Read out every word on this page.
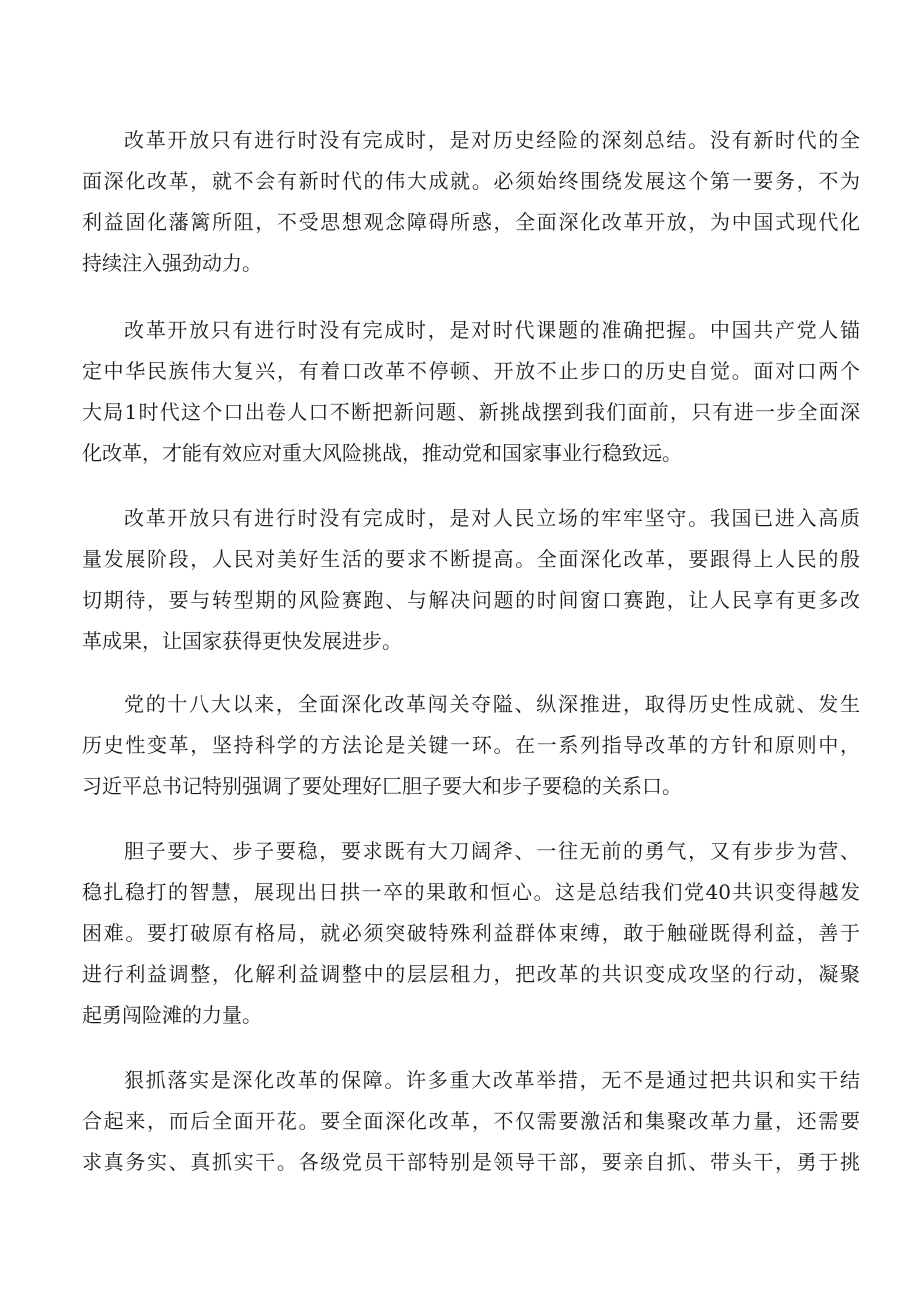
改革开放只有进行时没有完成时，是对历史经险的深刻总结。没有新时代的全
面深化改革，就不会有新时代的伟大成就。必须始终围绕发展这个第一要务，不为
利益固化藩篱所阻，不受思想观念障碍所惑，全面深化改革开放，为中国式现代化
持续注入强劲动力。
改革开放只有进行时没有完成时，是对时代课题的准确把握。中国共产党人锚
定中华民族伟大复兴，有着口改革不停顿、开放不止步口的历史自觉。面对口两个
大局1时代这个口出卷人口不断把新问题、新挑战摆到我们面前，只有进一步全面深
化改革，才能有效应对重大风险挑战，推动党和国家事业行稳致远。
改革开放只有进行时没有完成时，是对人民立场的牢牢坚守。我国已进入高质
量发展阶段，人民对美好生活的要求不断提高。全面深化改革，要跟得上人民的殷
切期待，要与转型期的风险赛跑、与解决问题的时间窗口赛跑，让人民享有更多改
革成果，让国家获得更快发展进步。
党的十八大以来，全面深化改革闯关夺隘、纵深推进，取得历史性成就、发生
历史性变革，坚持科学的方法论是关键一环。在一系列指导改革的方针和原则中，
习近平总书记特别强调了要处理好匚胆子要大和步子要稳的关系口。
胆子要大、步子要稳，要求既有大刀阔斧、一往无前的勇气，又有步步为营、
稳扎稳打的智慧，展现出日拱一卒的果敢和恒心。这是总结我们党40共识变得越发
困难。要打破原有格局，就必须突破特殊利益群体束缚，敢于触碰既得利益，善于
进行利益调整，化解利益调整中的层层租力，把改革的共识变成攻坚的行动，凝聚
起勇闯险滩的力量。
狠抓落实是深化改革的保障。许多重大改革举措，无不是通过把共识和实干结
合起来，而后全面开花。要全面深化改革，不仅需要激活和集聚改革力量，还需要
求真务实、真抓实干。各级党员干部特别是领导干部，要亲自抓、带头干，勇于挑
